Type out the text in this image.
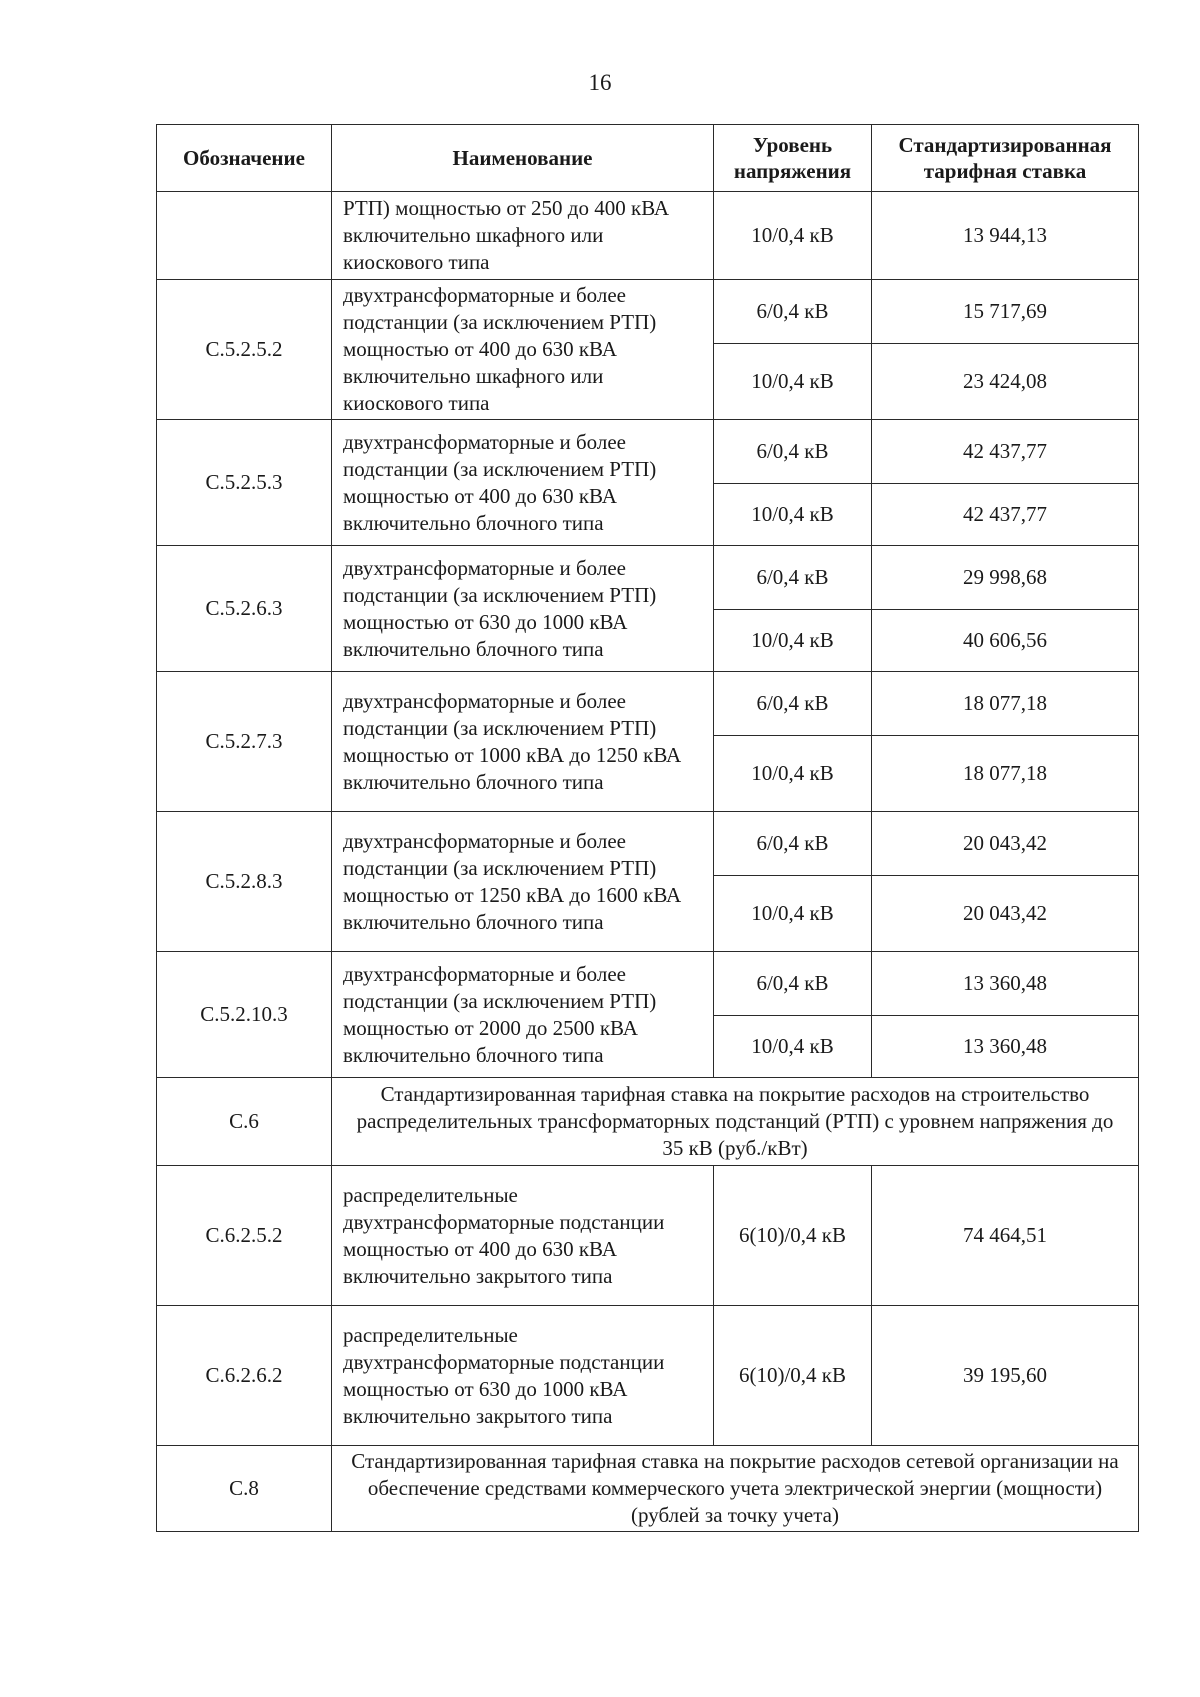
16
Обозначение	Наименование	Уровень напряжения	Стандартизированная тарифная ставка
	РТП) мощностью от 250 до 400 кВА включительно шкафного или киоскового типа	10/0,4 кВ	13 944,13
С.5.2.5.2	двухтрансформаторные и более подстанции (за исключением РТП) мощностью от 400 до 630 кВА включительно шкафного или киоскового типа	6/0,4 кВ	15 717,69
		10/0,4 кВ	23 424,08
С.5.2.5.3	двухтрансформаторные и более подстанции (за исключением РТП) мощностью от 400 до 630 кВА включительно блочного типа	6/0,4 кВ	42 437,77
		10/0,4 кВ	42 437,77
С.5.2.6.3	двухтрансформаторные и более подстанции (за исключением РТП) мощностью от 630 до 1000 кВА включительно блочного типа	6/0,4 кВ	29 998,68
		10/0,4 кВ	40 606,56
С.5.2.7.3	двухтрансформаторные и более подстанции (за исключением РТП) мощностью от 1000 кВА до 1250 кВА включительно блочного типа	6/0,4 кВ	18 077,18
		10/0,4 кВ	18 077,18
С.5.2.8.3	двухтрансформаторные и более подстанции (за исключением РТП) мощностью от 1250 кВА до 1600 кВА включительно блочного типа	6/0,4 кВ	20 043,42
		10/0,4 кВ	20 043,42
С.5.2.10.3	двухтрансформаторные и более подстанции (за исключением РТП) мощностью от 2000 до 2500 кВА включительно блочного типа	6/0,4 кВ	13 360,48
		10/0,4 кВ	13 360,48
С.6	Стандартизированная тарифная ставка на покрытие расходов на строительство распределительных трансформаторных подстанций (РТП) с уровнем напряжения до 35 кВ (руб./кВт)		
С.6.2.5.2	распределительные двухтрансформаторные подстанции мощностью от 400 до 630 кВА включительно закрытого типа	6(10)/0,4 кВ	74 464,51
С.6.2.6.2	распределительные двухтрансформаторные подстанции мощностью от 630 до 1000 кВА включительно закрытого типа	6(10)/0,4 кВ	39 195,60
С.8	Стандартизированная тарифная ставка на покрытие расходов сетевой организации на обеспечение средствами коммерческого учета электрической энергии (мощности) (рублей за точку учета)		
